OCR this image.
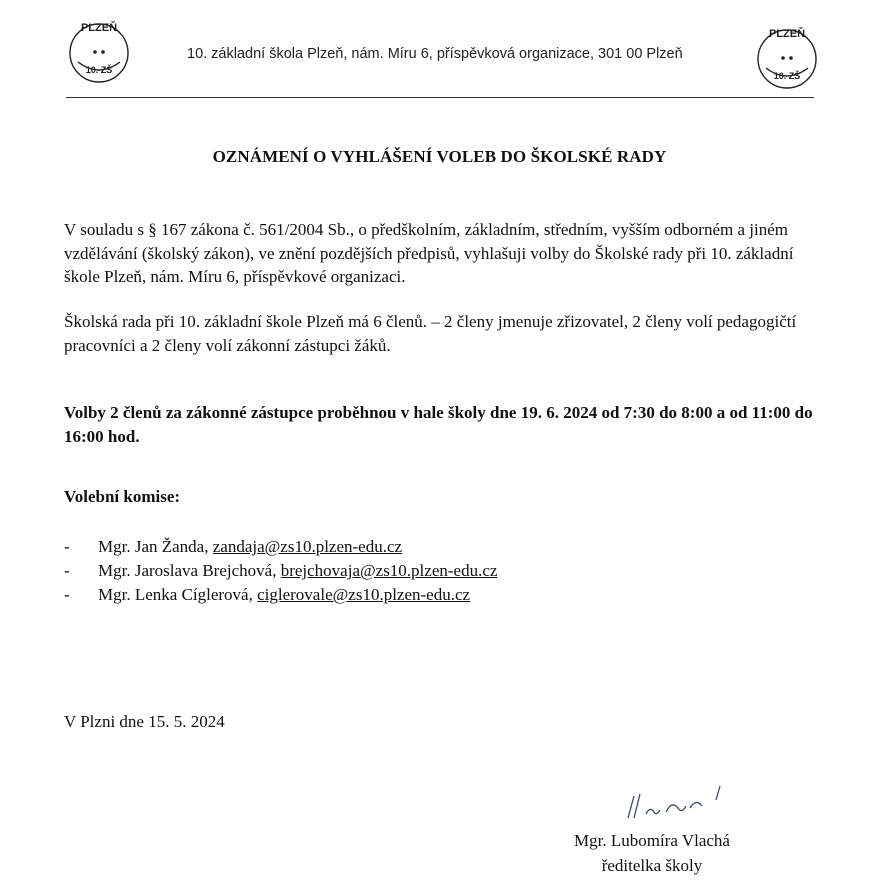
PLZEŇ
10. ZŠ
10. základní škola Plzeň, nám. Míru 6, příspěvková organizace, 301 00 Plzeň
PLZEŇ
10. ZŠ
OZNÁMENÍ O VYHLÁŠENÍ VOLEB DO ŠKOLSKÉ RADY
V souladu s § 167 zákona č. 561/2004 Sb., o předškolním, základním, středním, vyšším odborném a jiném vzdělávání (školský zákon), ve znění pozdějších předpisů, vyhlašuji volby do Školské rady při 10. základní škole Plzeň, nám. Míru 6, příspěvkové organizaci.
Školská rada při 10. základní škole Plzeň má 6 členů. – 2 členy jmenuje zřizovatel, 2 členy volí pedagogičtí pracovníci a 2 členy volí zákonní zástupci žáků.
Volby 2 členů za zákonné zástupce proběhnou v hale školy dne 19. 6. 2024 od 7:30 do 8:00 a od 11:00 do 16:00 hod.
Volební komise:
- Mgr. Jan Žanda, zandaja@zs10.plzen-edu.cz
- Mgr. Jaroslava Brejchová, brejchovaja@zs10.plzen-edu.cz
- Mgr. Lenka Cíglerová, ciglerovale@zs10.plzen-edu.cz
V Plzni dne 15. 5. 2024
Mgr. Lubomíra Vlachá
ředitelka školy
